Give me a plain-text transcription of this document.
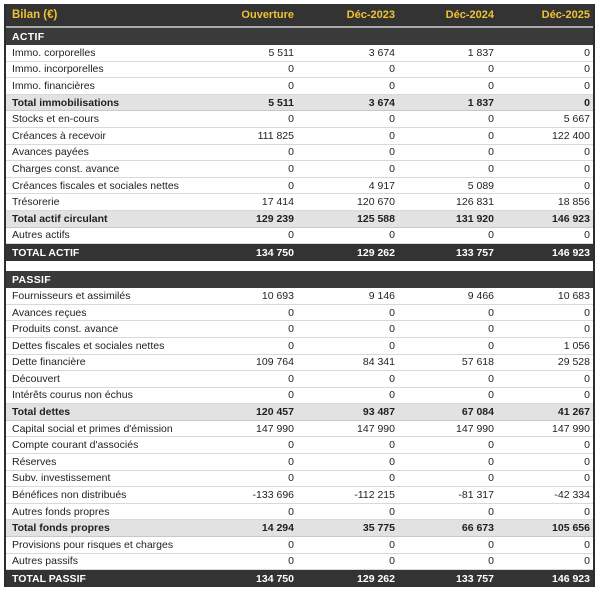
Bilan (€)	Ouverture	Déc-2023	Déc-2024	Déc-2025
ACTIF
Immo. corporelles	5 511	3 674	1 837	0
Immo. incorporelles	0	0	0	0
Immo. financières	0	0	0	0
Total immobilisations	5 511	3 674	1 837	0
Stocks et en-cours	0	0	0	5 667
Créances à recevoir	111 825	0	0	122 400
Avances payées	0	0	0	0
Charges const. avance	0	0	0	0
Créances fiscales et sociales nettes	0	4 917	5 089	0
Trésorerie	17 414	120 670	126 831	18 856
Total actif circulant	129 239	125 588	131 920	146 923
Autres actifs	0	0	0	0
TOTAL ACTIF	134 750	129 262	133 757	146 923
PASSIF
Fournisseurs et assimilés	10 693	9 146	9 466	10 683
Avances reçues	0	0	0	0
Produits const. avance	0	0	0	0
Dettes fiscales et sociales nettes	0	0	0	1 056
Dette financière	109 764	84 341	57 618	29 528
Découvert	0	0	0	0
Intérêts courus non échus	0	0	0	0
Total dettes	120 457	93 487	67 084	41 267
Capital social et primes d'émission	147 990	147 990	147 990	147 990
Compte courant d'associés	0	0	0	0
Réserves	0	0	0	0
Subv. investissement	0	0	0	0
Bénéfices non distribués	-133 696	-112 215	-81 317	-42 334
Autres fonds propres	0	0	0	0
Total fonds propres	14 294	35 775	66 673	105 656
Provisions pour risques et charges	0	0	0	0
Autres passifs	0	0	0	0
TOTAL PASSIF	134 750	129 262	133 757	146 923
